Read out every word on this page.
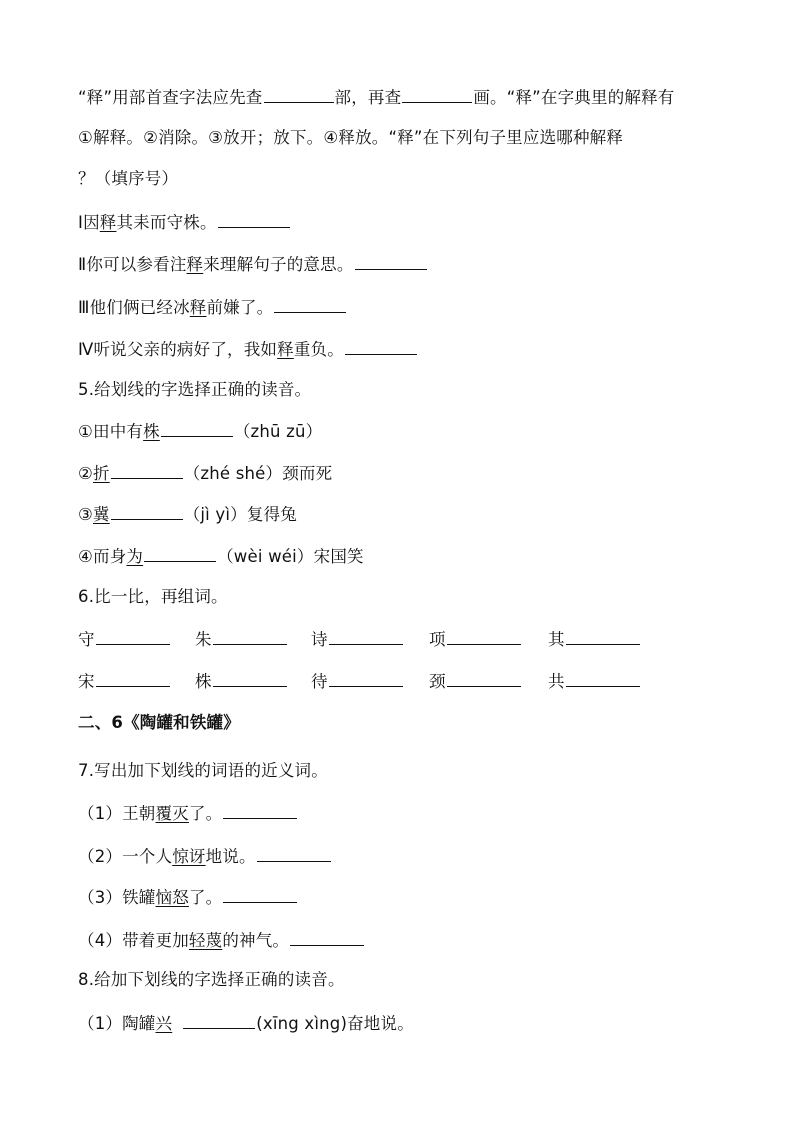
“释”用部首查字法应先查	部，再查	画。“释”在字典里的解释有
①解释。②消除。③放开；放下。④释放。“释”在下列句子里应选哪种解释
？（填序号）
Ⅰ因释其耒而守株。
Ⅱ你可以参看注释来理解句子的意思。
Ⅲ他们俩已经冰释前嫌了。
Ⅳ听说父亲的病好了，我如释重负。
5.给划线的字选择正确的读音。
①田中有株	（zhū zū）
②折	（zhé shé）颈而死
③冀	（jì yì）复得兔
④而身为	（wèi wéi）宋国笑
6.比一比，再组词。
守	朱	诗	项	其
宋	株	待	颈	共
二、6《陶罐和铁罐》
7.写出加下划线的词语的近义词。
（1）王朝覆灭了。
（2）一个人惊讶地说。
（3）铁罐恼怒了。
（4）带着更加轻蔑的神气。
8.给加下划线的字选择正确的读音。
（1）陶罐兴	(xīng xìng)奋地说。
